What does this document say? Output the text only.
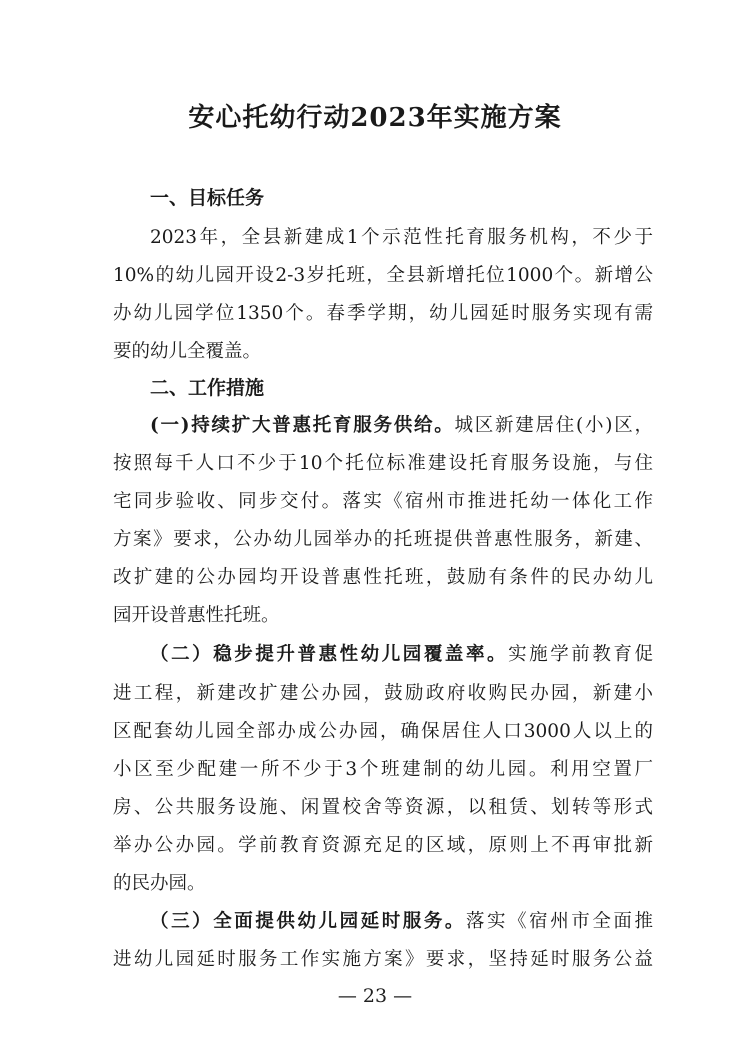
安心托幼行动2023年实施方案
一、目标任务
2023年，全县新建成1个示范性托育服务机构，不少于
10%的幼儿园开设2-3岁托班，全县新增托位1000个。新增公
办幼儿园学位1350个。春季学期，幼儿园延时服务实现有需
要的幼儿全覆盖。
二、工作措施
(一)持续扩大普惠托育服务供给。城区新建居住(小)区，
按照每千人口不少于10个托位标准建设托育服务设施，与住
宅同步验收、同步交付。落实《宿州市推进托幼一体化工作
方案》要求，公办幼儿园举办的托班提供普惠性服务，新建、
改扩建的公办园均开设普惠性托班，鼓励有条件的民办幼儿
园开设普惠性托班。
（二）稳步提升普惠性幼儿园覆盖率。实施学前教育促
进工程，新建改扩建公办园，鼓励政府收购民办园，新建小
区配套幼儿园全部办成公办园，确保居住人口3000人以上的
小区至少配建一所不少于3个班建制的幼儿园。利用空置厂
房、公共服务设施、闲置校舍等资源，以租赁、划转等形式
举办公办园。学前教育资源充足的区域，原则上不再审批新
的民办园。
（三）全面提供幼儿园延时服务。落实《宿州市全面推
进幼儿园延时服务工作实施方案》要求，坚持延时服务公益
— 23 —
